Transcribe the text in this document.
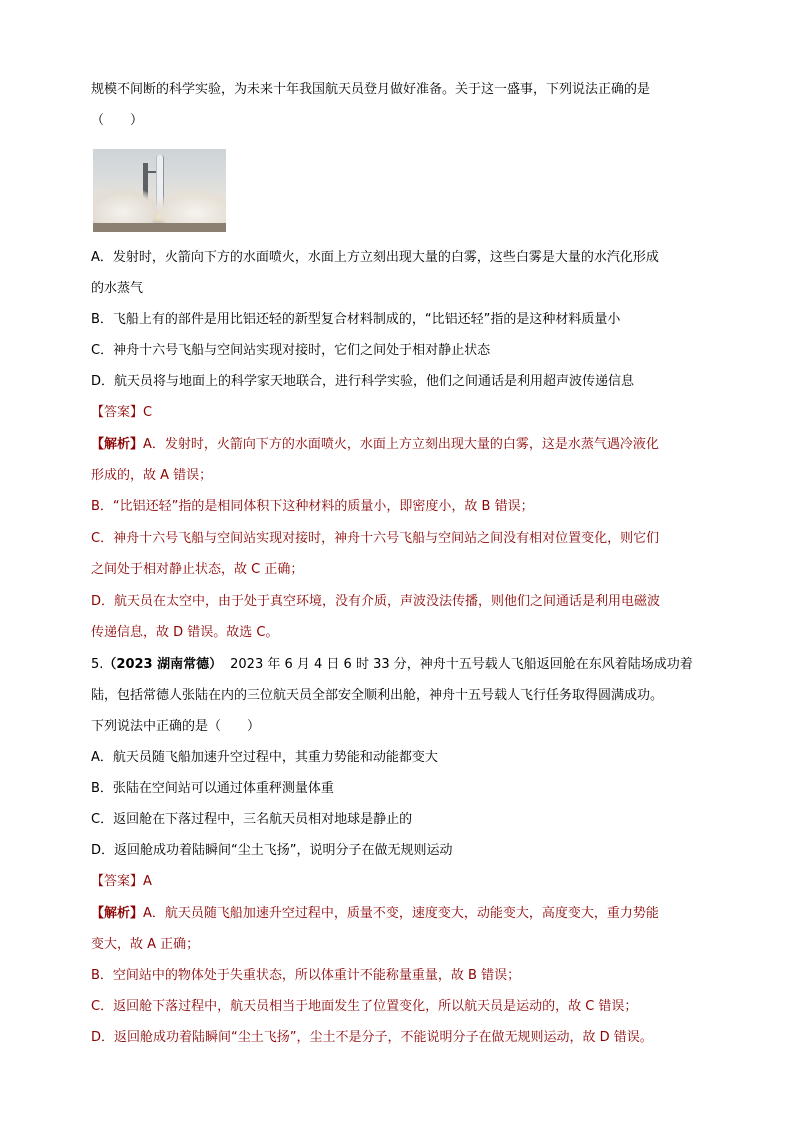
规模不间断的科学实验，为未来十年我国航天员登月做好准备。关于这一盛事，下列说法正确的是
（　　）
A．发射时，火箭向下方的水面喷火，水面上方立刻出现大量的白雾，这些白雾是大量的水汽化形成
的水蒸气
B．飞船上有的部件是用比铝还轻的新型复合材料制成的，“比铝还轻”指的是这种材料质量小
C．神舟十六号飞船与空间站实现对接时，它们之间处于相对静止状态
D．航天员将与地面上的科学家天地联合，进行科学实验，他们之间通话是利用超声波传递信息
【答案】C
【解析】A．发射时，火箭向下方的水面喷火，水面上方立刻出现大量的白雾，这是水蒸气遇冷液化
形成的，故 A 错误；
B．“比铝还轻”指的是相同体积下这种材料的质量小，即密度小，故 B 错误；
C．神舟十六号飞船与空间站实现对接时，神舟十六号飞船与空间站之间没有相对位置变化，则它们
之间处于相对静止状态，故 C 正确；
D．航天员在太空中，由于处于真空环境，没有介质，声波没法传播，则他们之间通话是利用电磁波
传递信息，故 D 错误。故选 C。
5.（2023 湖南常德） 2023 年 6 月 4 日 6 时 33 分，神舟十五号载人飞船返回舱在东风着陆场成功着
陆，包括常德人张陆在内的三位航天员全部安全顺利出舱，神舟十五号载人飞行任务取得圆满成功。
下列说法中正确的是（　　）
A．航天员随飞船加速升空过程中，其重力势能和动能都变大
B．张陆在空间站可以通过体重秤测量体重
C．返回舱在下落过程中，三名航天员相对地球是静止的
D．返回舱成功着陆瞬间“尘土飞扬”，说明分子在做无规则运动
【答案】A
【解析】A．航天员随飞船加速升空过程中，质量不变，速度变大，动能变大，高度变大，重力势能
变大，故 A 正确；
B．空间站中的物体处于失重状态，所以体重计不能称量重量，故 B 错误；
C．返回舱下落过程中，航天员相当于地面发生了位置变化，所以航天员是运动的，故 C 错误；
D．返回舱成功着陆瞬间“尘土飞扬”，尘土不是分子，不能说明分子在做无规则运动，故 D 错误。
